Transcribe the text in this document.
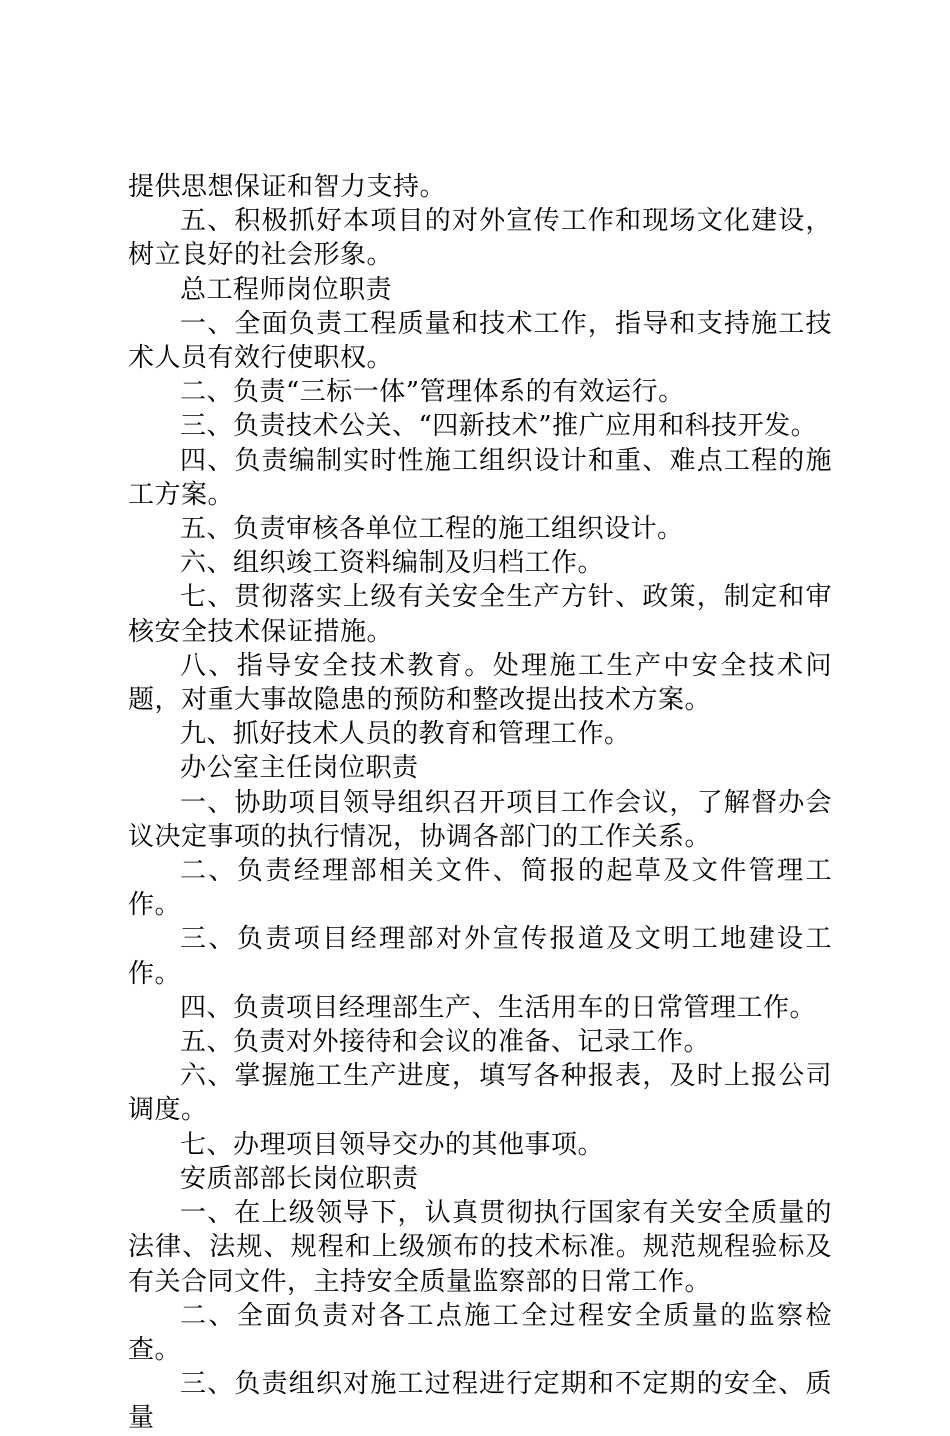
提供思想保证和智力支持。

五、积极抓好本项目的对外宣传工作和现场文化建设，树立良好的社会形象。

总工程师岗位职责

一、全面负责工程质量和技术工作，指导和支持施工技术人员有效行使职权。

二、负责“三标一体”管理体系的有效运行。

三、负责技术公关、“四新技术”推广应用和科技开发。

四、负责编制实时性施工组织设计和重、难点工程的施工方案。

五、负责审核各单位工程的施工组织设计。

六、组织竣工资料编制及归档工作。

七、贯彻落实上级有关安全生产方针、政策，制定和审核安全技术保证措施。

八、指导安全技术教育。处理施工生产中安全技术问题，对重大事故隐患的预防和整改提出技术方案。

九、抓好技术人员的教育和管理工作。

办公室主任岗位职责

一、协助项目领导组织召开项目工作会议，了解督办会议决定事项的执行情况，协调各部门的工作关系。

二、负责经理部相关文件、简报的起草及文件管理工作。

三、负责项目经理部对外宣传报道及文明工地建设工作。

四、负责项目经理部生产、生活用车的日常管理工作。

五、负责对外接待和会议的准备、记录工作。

六、掌握施工生产进度，填写各种报表，及时上报公司调度。

七、办理项目领导交办的其他事项。

安质部部长岗位职责

一、在上级领导下，认真贯彻执行国家有关安全质量的法律、法规、规程和上级颁布的技术标准。规范规程验标及有关合同文件，主持安全质量监察部的日常工作。

二、全面负责对各工点施工全过程安全质量的监察检查。

三、负责组织对施工过程进行定期和不定期的安全、质量
